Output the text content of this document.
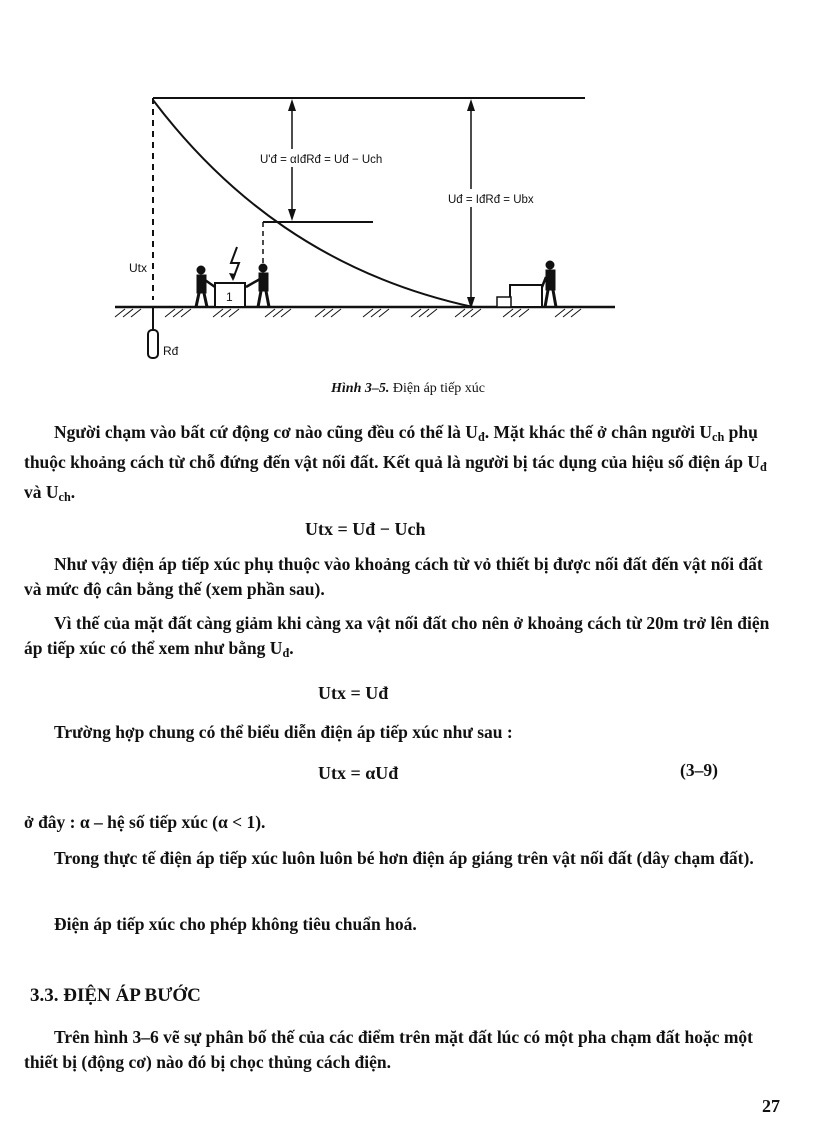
U'đ = αIđRđ = Uđ − Uch
Uđ = IđRđ = Ubx
Utx
Rđ
1
Hình 3–5. Điện áp tiếp xúc
Người chạm vào bất cứ động cơ nào cũng đều có thế là Uđ. Mặt khác thế ở chân người Uch phụ thuộc khoảng cách từ chỗ đứng đến vật nối đất. Kết quả là người bị tác dụng của hiệu số điện áp Uđ và Uch.
Utx = Uđ − Uch
Như vậy điện áp tiếp xúc phụ thuộc vào khoảng cách từ vỏ thiết bị được nối đất đến vật nối đất và mức độ cân bằng thế (xem phần sau).
Vì thế của mặt đất càng giảm khi càng xa vật nối đất cho nên ở khoảng cách từ 20m trở lên điện áp tiếp xúc có thể xem như bằng Uđ.
Utx = Uđ
Trường hợp chung có thể biểu diễn điện áp tiếp xúc như sau :
Utx = αUđ	(3–9)
ở đây : α – hệ số tiếp xúc (α < 1).
Trong thực tế điện áp tiếp xúc luôn luôn bé hơn điện áp giáng trên vật nối đất (dây chạm đất).
Điện áp tiếp xúc cho phép không tiêu chuẩn hoá.
3.3. ĐIỆN ÁP BƯỚC
Trên hình 3–6 vẽ sự phân bố thế của các điểm trên mặt đất lúc có một pha chạm đất hoặc một thiết bị (động cơ) nào đó bị chọc thủng cách điện.
27
